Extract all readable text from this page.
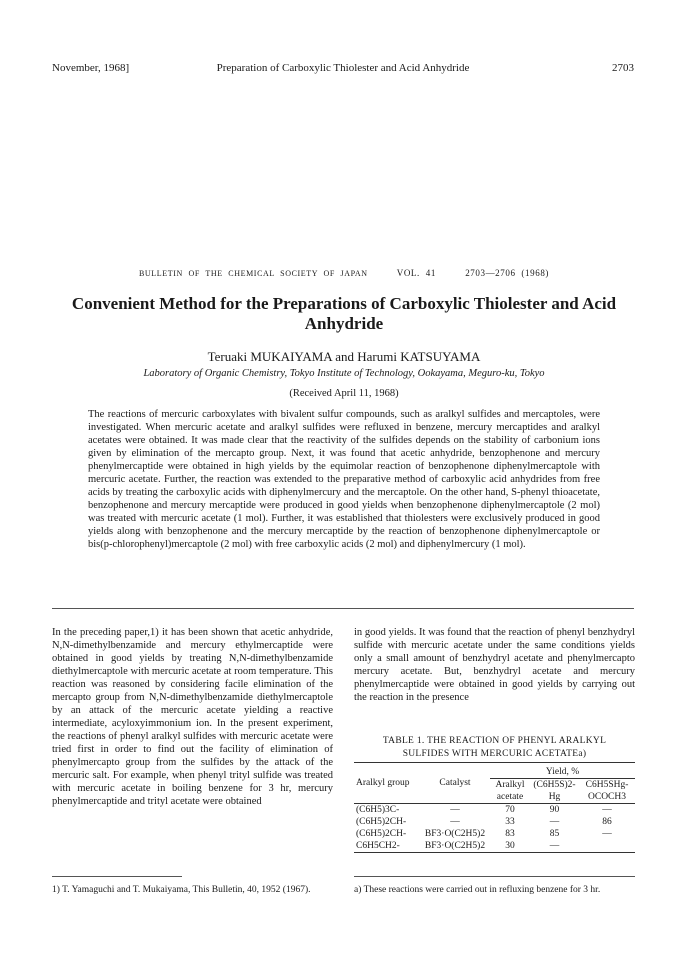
November, 1968]	Preparation of Carboxylic Thiolester and Acid Anhydride	2703
BULLETIN OF THE CHEMICAL SOCIETY OF JAPAN	VOL. 41	2703—2706 (1968)
Convenient Method for the Preparations of Carboxylic Thiolester and Acid Anhydride
Teruaki MUKAIYAMA and Harumi KATSUYAMA
Laboratory of Organic Chemistry, Tokyo Institute of Technology, Ookayama, Meguro-ku, Tokyo
(Received April 11, 1968)
The reactions of mercuric carboxylates with bivalent sulfur compounds, such as aralkyl sulfides and mercaptoles, were investigated. When mercuric acetate and aralkyl sulfides were refluxed in benzene, mercury mercaptides and aralkyl acetates were obtained. It was made clear that the reactivity of the sulfides depends on the stability of carbonium ions given by elimination of the mercapto group. Next, it was found that acetic anhydride, benzophenone and mercury phenylmercaptide were obtained in high yields by the equimolar reaction of benzophenone diphenylmercaptole with mercuric acetate. Further, the reaction was extended to the preparative method of carboxylic acid anhydrides from free acids by treating the carboxylic acids with diphenylmercury and the mercaptole. On the other hand, S-phenyl thioacetate, benzophenone and mercury mercaptide were produced in good yields when benzophenone diphenylmercaptole (2 mol) was treated with mercuric acetate (1 mol). Further, it was established that thiolesters were exclusively produced in good yields along with benzophenone and the mercury mercaptide by the reaction of benzophenone diphenylmercaptole or bis(p-chlorophenyl)mercaptole (2 mol) with free carboxylic acids (2 mol) and diphenylmercury (1 mol).
In the preceding paper,1) it has been shown that acetic anhydride, N,N-dimethylbenzamide and mercury ethylmercaptide were obtained in good yields by treating N,N-dimethylbenzamide diethylmercaptole with mercuric acetate at room temperature. This reaction was reasoned by considering facile elimination of the mercapto group from N,N-dimethylbenzamide diethylmercaptole by an attack of the mercuric acetate yielding a reactive intermediate, acyloxyimmonium ion. In the present experiment, the reactions of phenyl aralkyl sulfides with mercuric acetate were tried first in order to find out the facility of elimination of phenylmercapto group from the sulfides by the attack of the mercuric salt. For example, when phenyl trityl sulfide was treated with mercuric acetate in boiling benzene for 3 hr, mercury phenylmercaptide and trityl acetate were obtained
in good yields. It was found that the reaction of phenyl benzhydryl sulfide with mercuric acetate under the same conditions yields only a small amount of benzhydryl acetate and phenylmercapto mercury acetate. But, benzhydryl acetate and mercury phenylmercaptide were obtained in good yields by carrying out the reaction in the presence
TABLE 1. THE REACTION OF PHENYL ARALKYL
SULFIDES WITH MERCURIC ACETATEa)
Aralkyl group	Catalyst	Yield, %		

		Aralkyl acetate	(C6H5S)2-Hg	C6H5SHg-OCOCH3
(C6H5)3C-	—	70	90	—
(C6H5)2CH-	—	33	—	86
(C6H5)2CH-	BF3·O(C2H5)2	83	85	—
C6H5CH2-	BF3·O(C2H5)2	30	—	
1) T. Yamaguchi and T. Mukaiyama, This Bulletin, 40, 1952 (1967).	a) These reactions were carried out in refluxing benzene for 3 hr.
